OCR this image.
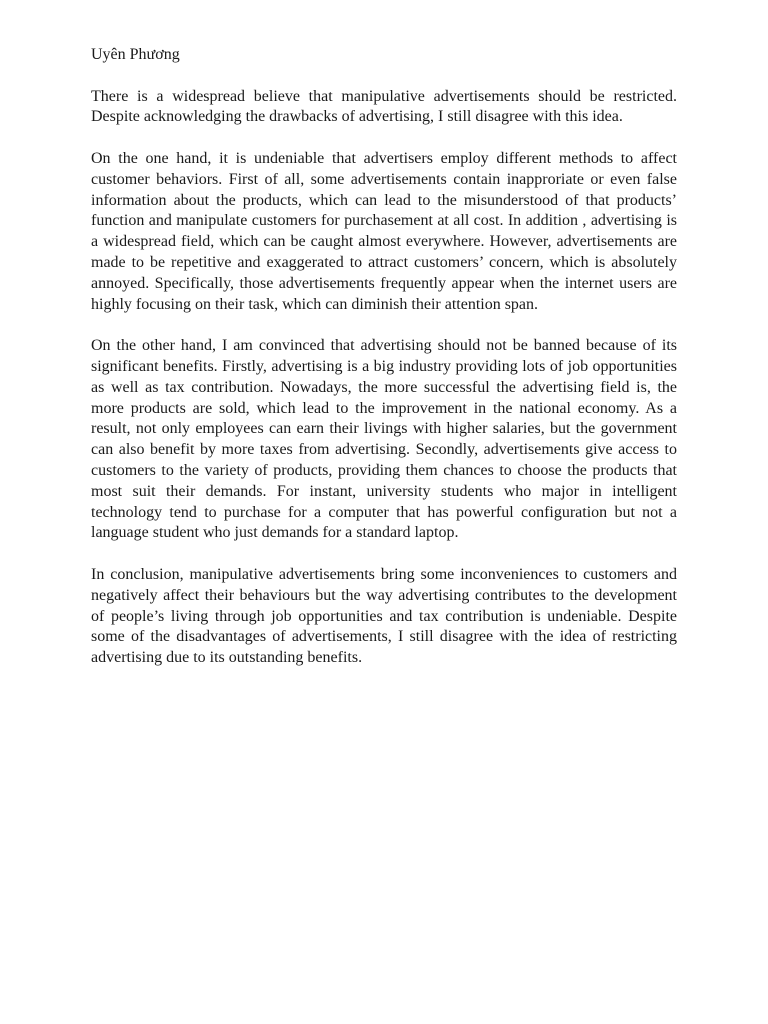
Uyên Phương

There is a widespread believe that manipulative advertisements should be restricted. Despite acknowledging the drawbacks of advertising, I still disagree with this idea.

On the one hand, it is undeniable that advertisers employ different methods to affect customer behaviors. First of all, some advertisements contain inapproriate or even false information about the products, which can lead to the misunderstood of that products’ function and manipulate customers for purchasement at all cost. In addition , advertising is a widespread field, which can be caught almost everywhere. However, advertisements are made to be repetitive and exaggerated to attract customers’ concern, which is absolutely annoyed. Specifically, those advertisements frequently appear when the internet users are highly focusing on their task, which can diminish their attention span.

On the other hand, I am convinced that advertising should not be banned because of its significant benefits. Firstly, advertising is a big industry providing lots of job opportunities as well as tax contribution. Nowadays, the more successful the advertising field is, the more products are sold, which lead to the improvement in the national economy. As a result, not only employees can earn their livings with higher salaries, but the government can also benefit by more taxes from advertising. Secondly, advertisements give access to customers to the variety of products, providing them chances to choose the products that most suit their demands. For instant, university students who major in intelligent technology tend to purchase for a computer that has powerful configuration but not a language student who just demands for a standard laptop.

In conclusion, manipulative advertisements bring some inconveniences to customers and negatively affect their behaviours but the way advertising contributes to the development of people’s living through job opportunities and tax contribution is undeniable. Despite some of the disadvantages of advertisements, I still disagree with the idea of restricting advertising due to its outstanding benefits.
